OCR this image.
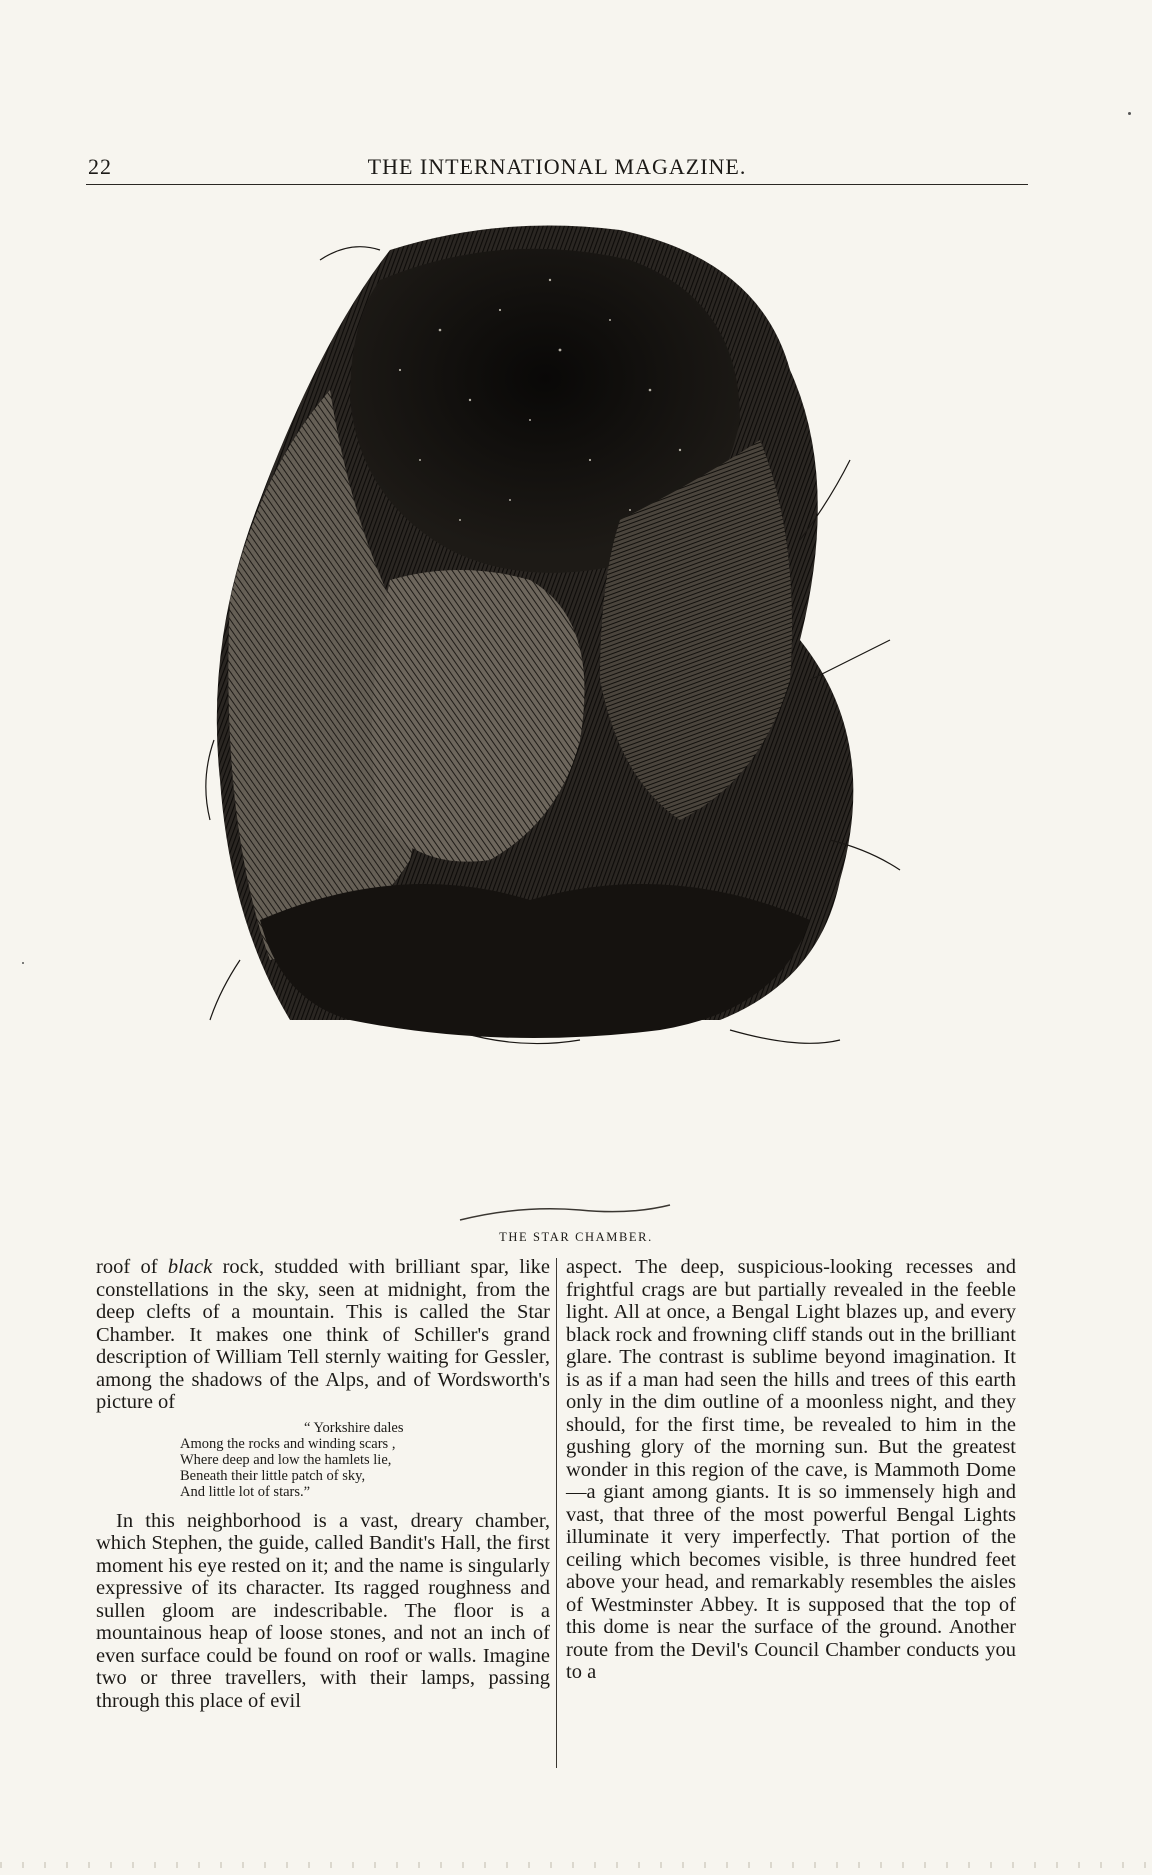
22	THE INTERNATIONAL MAGAZINE.
THE STAR CHAMBER.

roof of black rock, studded with brilliant spar, like constellations in the sky, seen at midnight, from the deep clefts of a mountain. This is called the Star Chamber. It makes one think of Schiller's grand description of William Tell sternly waiting for Gessler, among the shadows of the Alps, and of Wordsworth's picture of

“ Yorkshire dales
Among the rocks and winding scars ,
Where deep and low the hamlets lie,
Beneath their little patch of sky,
And little lot of stars.”

In this neighborhood is a vast, dreary chamber, which Stephen, the guide, called Bandit's Hall, the first moment his eye rested on it; and the name is singularly expressive of its character. Its ragged roughness and sullen gloom are indescribable. The floor is a mountainous heap of loose stones, and not an inch of even surface could be found on roof or walls. Imagine two or three travellers, with their lamps, passing through this place of evil

aspect. The deep, suspicious-looking recesses and frightful crags are but partially revealed in the feeble light. All at once, a Bengal Light blazes up, and every black rock and frowning cliff stands out in the brilliant glare. The contrast is sublime beyond imagination. It is as if a man had seen the hills and trees of this earth only in the dim outline of a moonless night, and they should, for the first time, be revealed to him in the gushing glory of the morning sun. But the greatest wonder in this region of the cave, is Mammoth Dome—a giant among giants. It is so immensely high and vast, that three of the most powerful Bengal Lights illuminate it very imperfectly. That portion of the ceiling which becomes visible, is three hundred feet above your head, and remarkably resembles the aisles of Westminster Abbey. It is supposed that the top of this dome is near the surface of the ground. Another route from the Devil's Council Chamber conducts you to a
